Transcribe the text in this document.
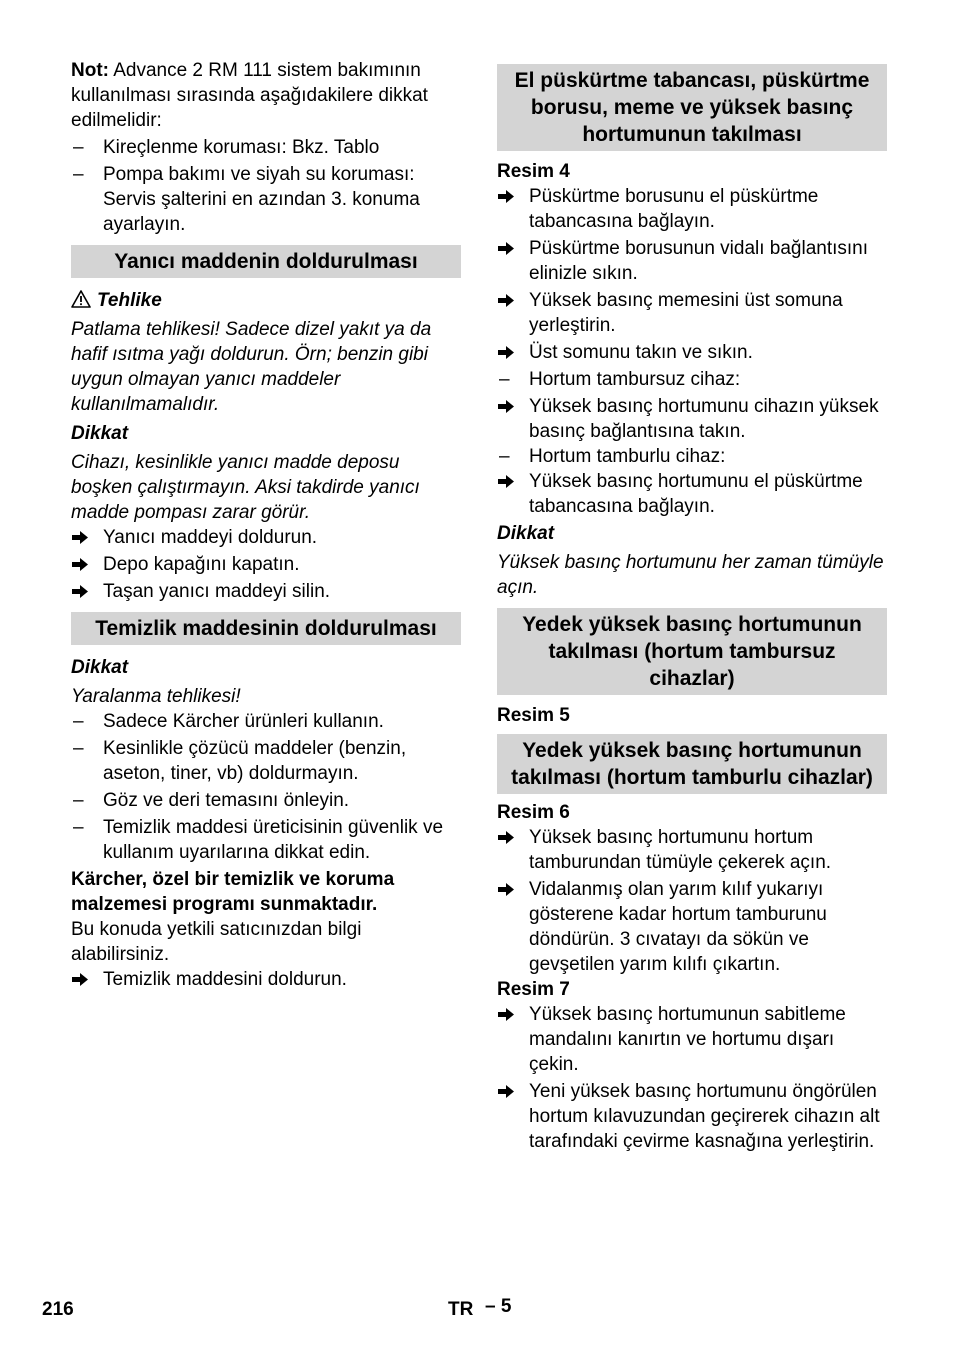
Not: Advance 2 RM 111 sistem bakımının kullanılması sırasında aşağıdakilere dikkat edilmelidir:

–	Kireçlenme koruması: Bkz. Tablo
–	Pompa bakımı ve siyah su koruması: Servis şalterini en azından 3. konuma ayarlayın.
Yanıcı maddenin doldurulması

Tehlike

Patlama tehlikesi! Sadece dizel yakıt ya da hafif ısıtma yağı doldurun. Örn; benzin gibi uygun olmayan yanıcı maddeler kullanılmamalıdır.

Dikkat

Cihazı, kesinlikle yanıcı madde deposu boşken çalıştırmayın. Aksi takdirde yanıcı madde pompası zarar görür.

Yanıcı maddeyi doldurun.
Depo kapağını kapatın.
Taşan yanıcı maddeyi silin.
Temizlik maddesinin doldurulması

Dikkat

Yaralanma tehlikesi!

–	Sadece Kärcher ürünleri kullanın.
–	Kesinlikle çözücü maddeler (benzin, aseton, tiner, vb) doldurmayın.
–	Göz ve deri temasını önleyin.
–	Temizlik maddesi üreticisinin güvenlik ve kullanım uyarılarına dikkat edin.

Kärcher, özel bir temizlik ve koruma malzemesi programı sunmaktadır.

Bu konuda yetkili satıcınızdan bilgi alabilirsiniz.

Temizlik maddesini doldurun.
El püskürtme tabancası, püskürtme borusu, meme ve yüksek basınç hortumunun takılması

Resim 4

Püskürtme borusunu el püskürtme tabancasına bağlayın.
Püskürtme borusunun vidalı bağlantısını elinizle sıkın.
Yüksek basınç memesini üst somuna yerleştirin.
Üst somunu takın ve sıkın.
–	Hortum tambursuz cihaz:
Yüksek basınç hortumunu cihazın yüksek basınç bağlantısına takın.
–	Hortum tamburlu cihaz:
Yüksek basınç hortumunu el püskürtme tabancasına bağlayın.

Dikkat

Yüksek basınç hortumunu her zaman tümüyle açın.

Yedek yüksek basınç hortumunun takılması (hortum tambursuz cihazlar)

Resim 5

Yedek yüksek basınç hortumunun takılması (hortum tamburlu cihazlar)

Resim 6

Yüksek basınç hortumunu hortum tamburundan tümüyle çekerek açın.
Vidalanmış olan yarım kılıf yukarıyı gösterene kadar hortum tamburunu döndürün. 3 cıvatayı da sökün ve gevşetilen yarım kılıfı çıkartın.

Resim 7

Yüksek basınç hortumunun sabitleme mandalını kanırtın ve hortumu dışarı çekin.
Yeni yüksek basınç hortumunu öngörülen hortum kılavuzundan geçirerek cihazın alt tarafındaki çevirme kasnağına yerleştirin.
216	TR – 5
